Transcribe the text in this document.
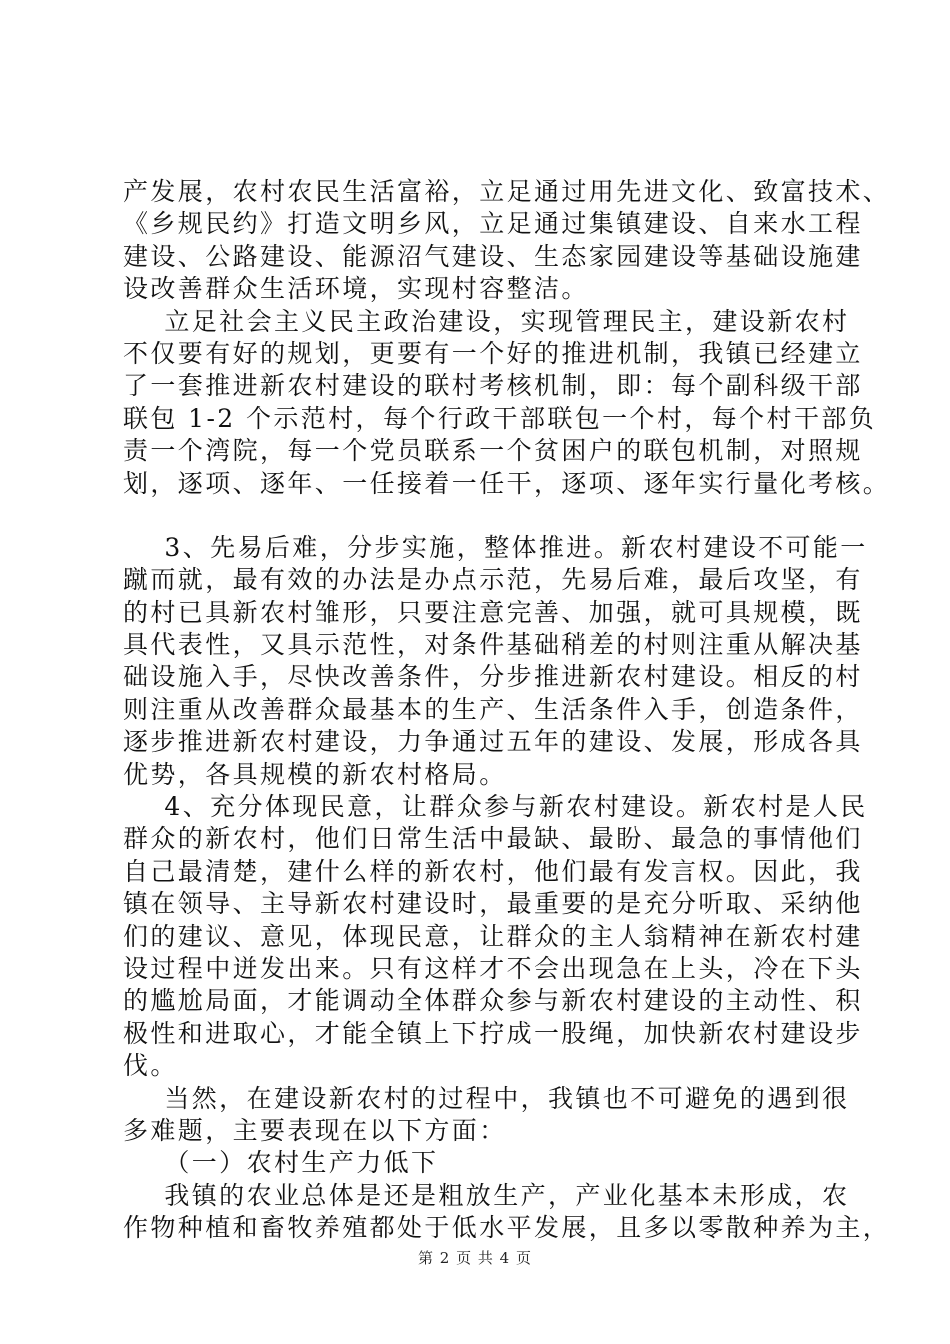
产发展，农村农民生活富裕，立足通过用先进文化、致富技术、
《乡规民约》打造文明乡风，立足通过集镇建设、自来水工程
建设、公路建设、能源沼气建设、生态家园建设等基础设施建
设改善群众生活环境，实现村容整洁。
立足社会主义民主政治建设，实现管理民主，建设新农村
不仅要有好的规划，更要有一个好的推进机制，我镇已经建立
了一套推进新农村建设的联村考核机制，即：每个副科级干部
联包 1-2 个示范村，每个行政干部联包一个村，每个村干部负
责一个湾院，每一个党员联系一个贫困户的联包机制，对照规
划，逐项、逐年、一任接着一任干，逐项、逐年实行量化考核。
3、先易后难，分步实施，整体推进。新农村建设不可能一
蹴而就，最有效的办法是办点示范，先易后难，最后攻坚，有
的村已具新农村雏形，只要注意完善、加强，就可具规模，既
具代表性，又具示范性，对条件基础稍差的村则注重从解决基
础设施入手，尽快改善条件，分步推进新农村建设。相反的村
则注重从改善群众最基本的生产、生活条件入手，创造条件，
逐步推进新农村建设，力争通过五年的建设、发展，形成各具
优势，各具规模的新农村格局。
4、充分体现民意，让群众参与新农村建设。新农村是人民
群众的新农村，他们日常生活中最缺、最盼、最急的事情他们
自己最清楚，建什么样的新农村，他们最有发言权。因此，我
镇在领导、主导新农村建设时，最重要的是充分听取、采纳他
们的建议、意见，体现民意，让群众的主人翁精神在新农村建
设过程中迸发出来。只有这样才不会出现急在上头，冷在下头
的尴尬局面，才能调动全体群众参与新农村建设的主动性、积
极性和进取心，才能全镇上下拧成一股绳，加快新农村建设步
伐。
当然，在建设新农村的过程中，我镇也不可避免的遇到很
多难题，主要表现在以下方面：
（一）农村生产力低下
我镇的农业总体是还是粗放生产，产业化基本未形成，农
作物种植和畜牧养殖都处于低水平发展，且多以零散种养为主，
第 2 页 共 4 页
